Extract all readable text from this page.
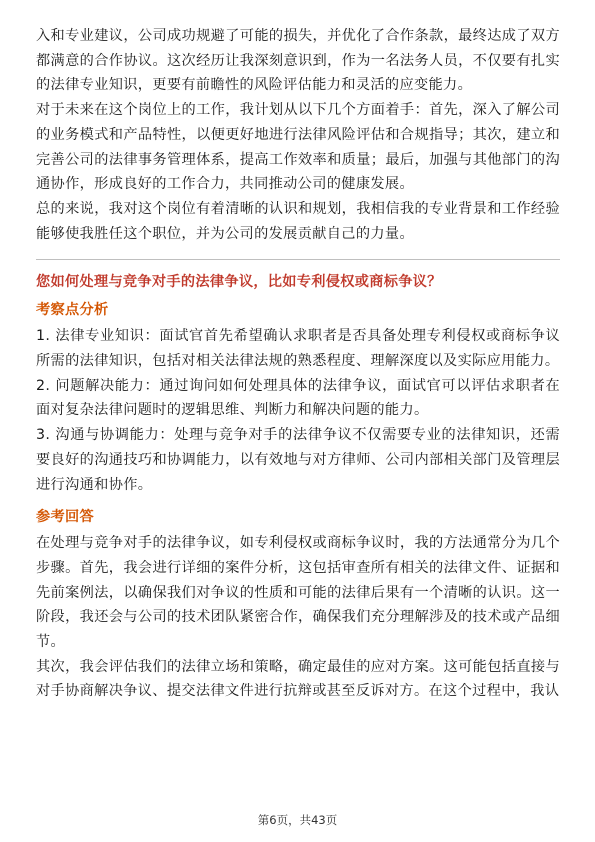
入和专业建议，公司成功规避了可能的损失，并优化了合作条款，最终达成了双方都满意的合作协议。这次经历让我深刻意识到，作为一名法务人员，不仅要有扎实的法律专业知识，更要有前瞻性的风险评估能力和灵活的应变能力。

对于未来在这个岗位上的工作，我计划从以下几个方面着手：首先，深入了解公司的业务模式和产品特性，以便更好地进行法律风险评估和合规指导；其次，建立和完善公司的法律事务管理体系，提高工作效率和质量；最后，加强与其他部门的沟通协作，形成良好的工作合力，共同推动公司的健康发展。

总的来说，我对这个岗位有着清晰的认识和规划，我相信我的专业背景和工作经验能够使我胜任这个职位，并为公司的发展贡献自己的力量。

您如何处理与竞争对手的法律争议，比如专利侵权或商标争议？

考察点分析

1. 法律专业知识：面试官首先希望确认求职者是否具备处理专利侵权或商标争议所需的法律知识，包括对相关法律法规的熟悉程度、理解深度以及实际应用能力。

2. 问题解决能力：通过询问如何处理具体的法律争议，面试官可以评估求职者在面对复杂法律问题时的逻辑思维、判断力和解决问题的能力。

3. 沟通与协调能力：处理与竞争对手的法律争议不仅需要专业的法律知识，还需要良好的沟通技巧和协调能力，以有效地与对方律师、公司内部相关部门及管理层进行沟通和协作。

参考回答

在处理与竞争对手的法律争议，如专利侵权或商标争议时，我的方法通常分为几个步骤。首先，我会进行详细的案件分析，这包括审查所有相关的法律文件、证据和先前案例法，以确保我们对争议的性质和可能的法律后果有一个清晰的认识。这一阶段，我还会与公司的技术团队紧密合作，确保我们充分理解涉及的技术或产品细节。

其次，我会评估我们的法律立场和策略，确定最佳的应对方案。这可能包括直接与对手协商解决争议、提交法律文件进行抗辩或甚至反诉对方。在这个过程中，我认

第6页，共43页
